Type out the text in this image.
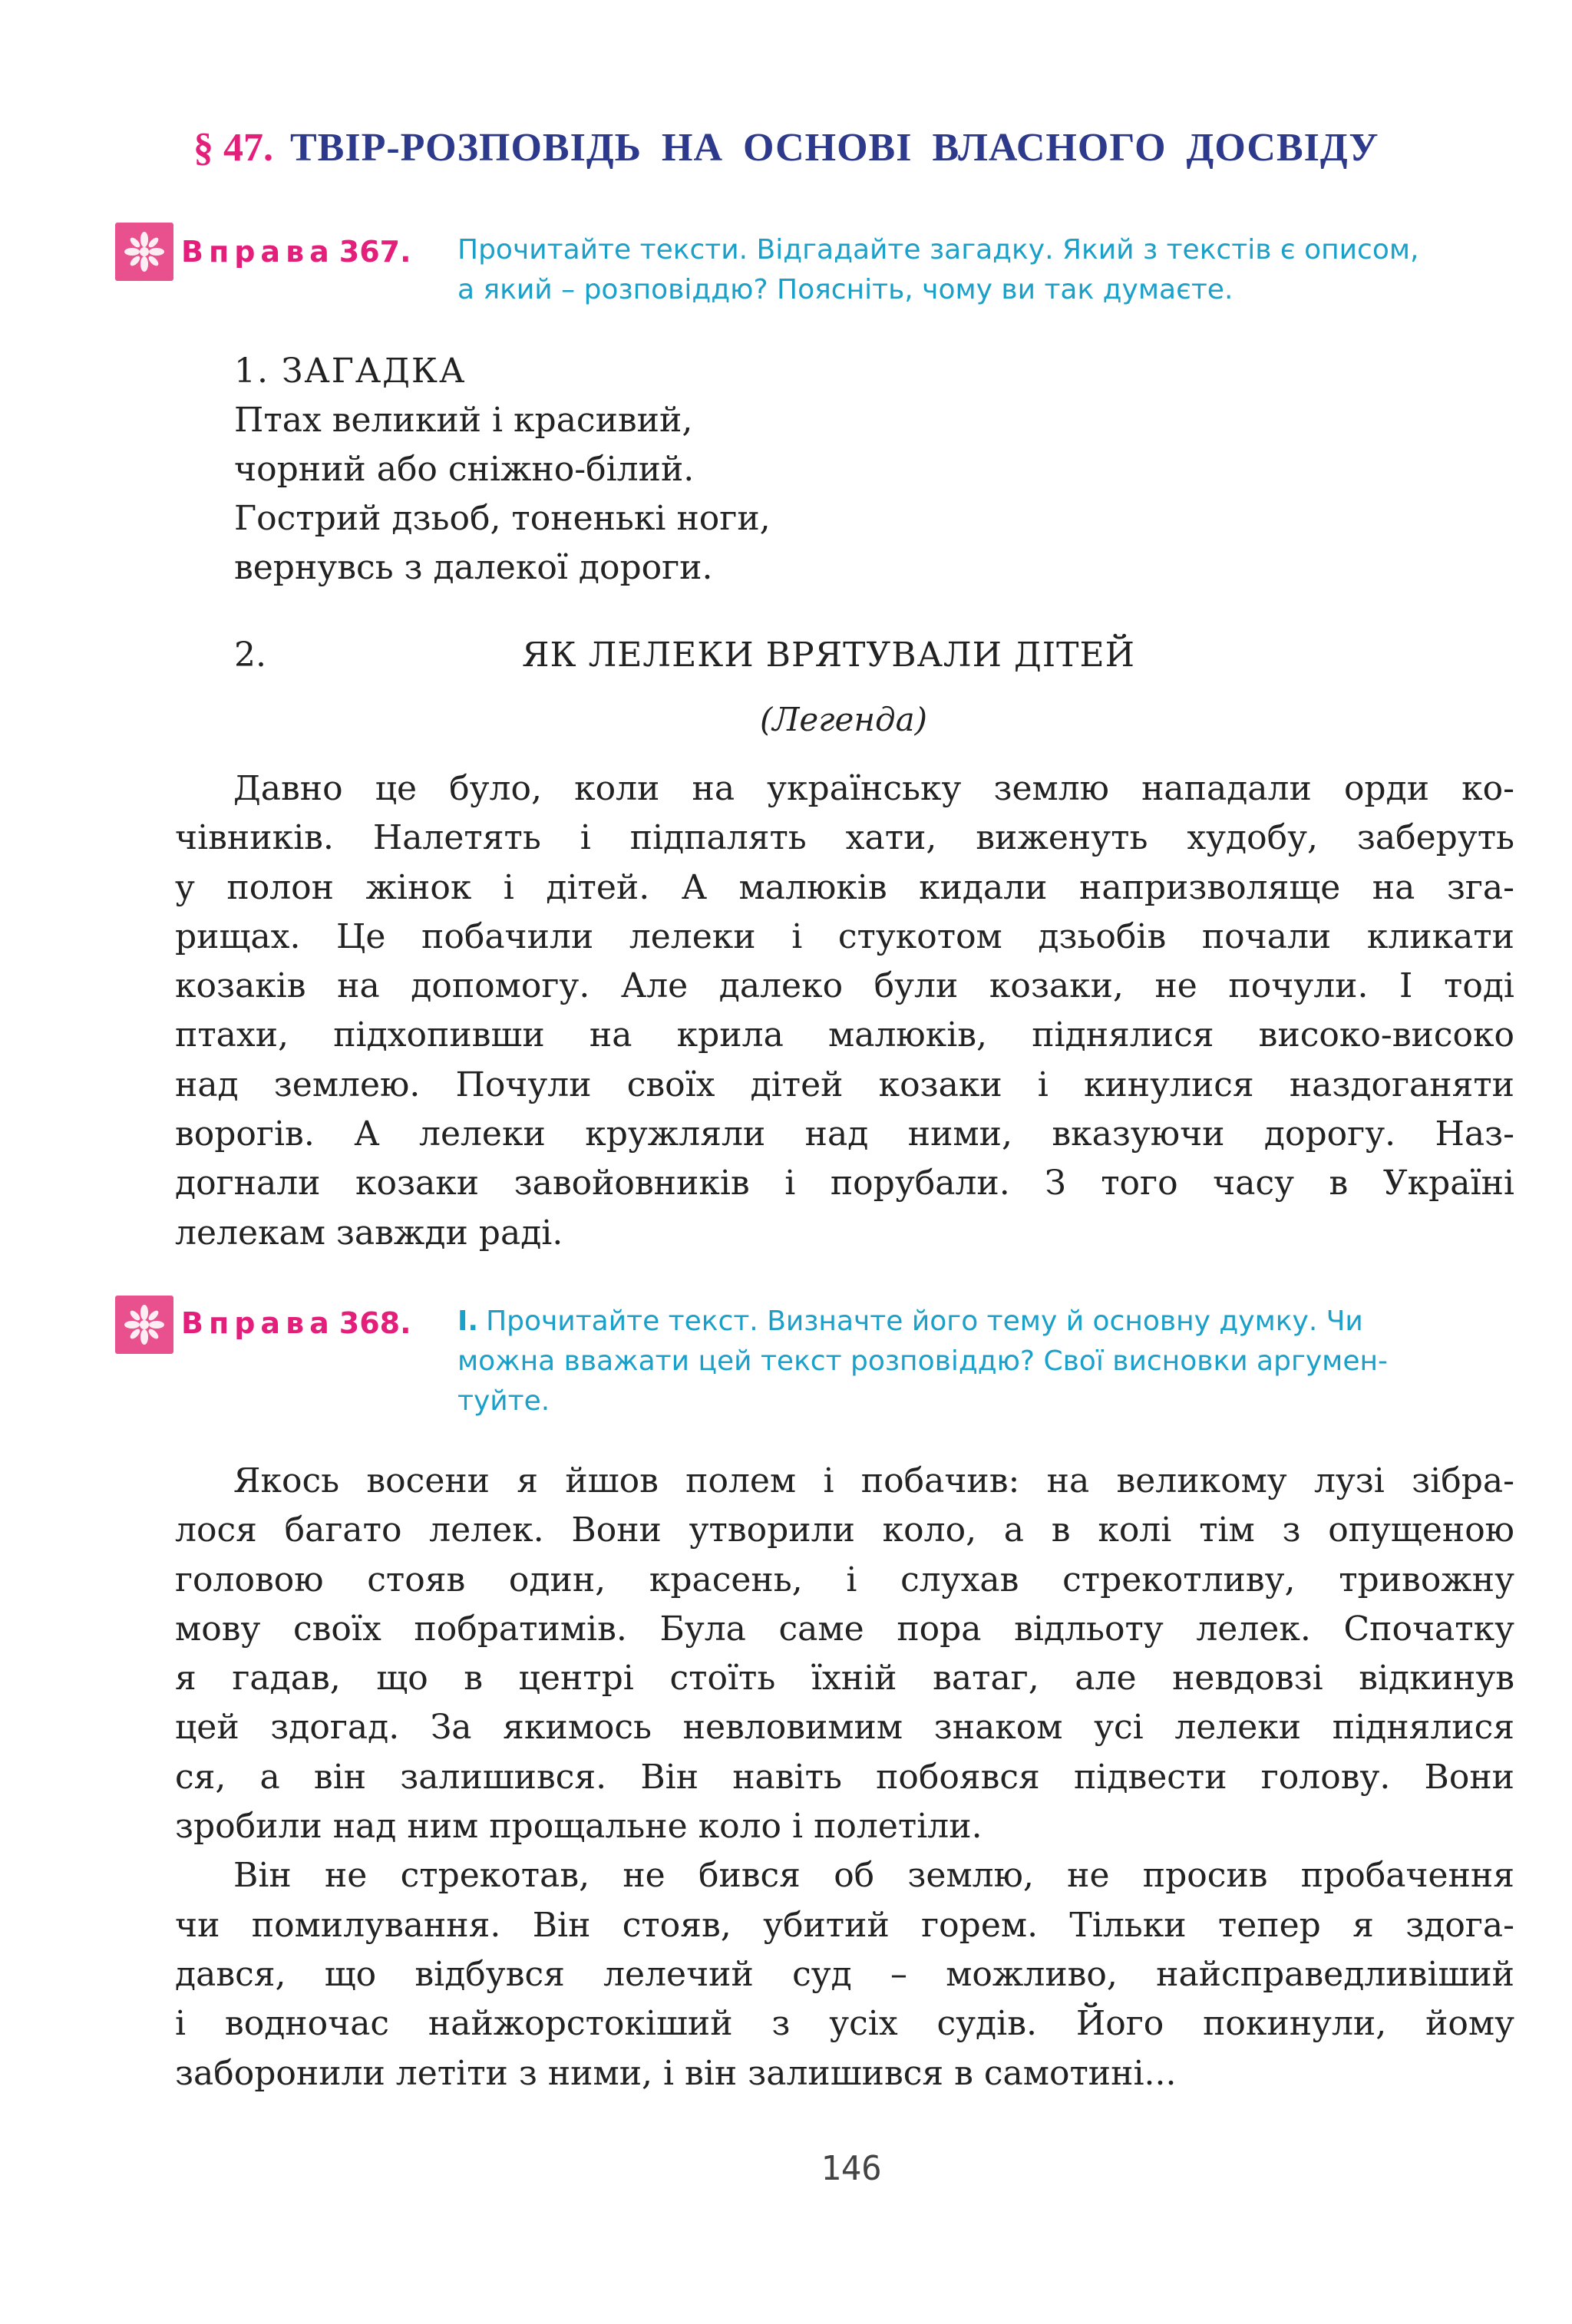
§ 47. ТВІР-РОЗПОВІДЬ НА ОСНОВІ ВЛАСНОГО ДОСВІДУ
Вправа 367. Прочитайте тексти. Відгадайте загадку. Який з текстів є описом,
а який – розповіддю? Поясніть, чому ви так думаєте.
1. ЗАГАДКА
Птах великий і красивий,
чорний або сніжно-білий.
Гострий дзьоб, тоненькі ноги,
вернувсь з далекої дороги.
2.	ЯК ЛЕЛЕКИ ВРЯТУВАЛИ ДІТЕЙ
(Легенда)
Давно це було, коли на українську землю нападали орди ко-
чівників. Налетять і підпалять хати, виженуть худобу, заберуть
у полон жінок і дітей. А малюків кидали напризволяще на зга-
рищах. Це побачили лелеки і стукотом дзьобів почали кликати
козаків на допомогу. Але далеко були козаки, не почули. І тоді
птахи, підхопивши на крила малюків, піднялися високо-високо
над землею. Почули своїх дітей козаки і кинулися наздоганяти
ворогів. А лелеки кружляли над ними, вказуючи дорогу. Наз-
догнали козаки завойовників і порубали. З того часу в Україні
лелекам завжди раді.
Вправа 368. І. Прочитайте текст. Визначте його тему й основну думку. Чи
можна вважати цей текст розповіддю? Свої висновки аргумен-
туйте.
Якось восени я йшов полем і побачив: на великому лузі зібра-
лося багато лелек. Вони утворили коло, а в колі тім з опущеною
головою стояв один, красень, і слухав стрекотливу, тривожну
мову своїх побратимів. Була саме пора відльоту лелек. Спочатку
я гадав, що в центрі стоїть їхній ватаг, але невдовзі відкинув
цей здогад. За якимось невловимим знаком усі лелеки піднялися
ся, а він залишився. Він навіть побоявся підвести голову. Вони
зробили над ним прощальне коло і полетіли.
Він не стрекотав, не бився об землю, не просив пробачення
чи помилування. Він стояв, убитий горем. Тільки тепер я здога-
дався, що відбувся лелечий суд – можливо, найсправедливіший
і водночас найжорстокіший з усіх судів. Його покинули, йому
заборонили летіти з ними, і він залишився в самотині...
146
